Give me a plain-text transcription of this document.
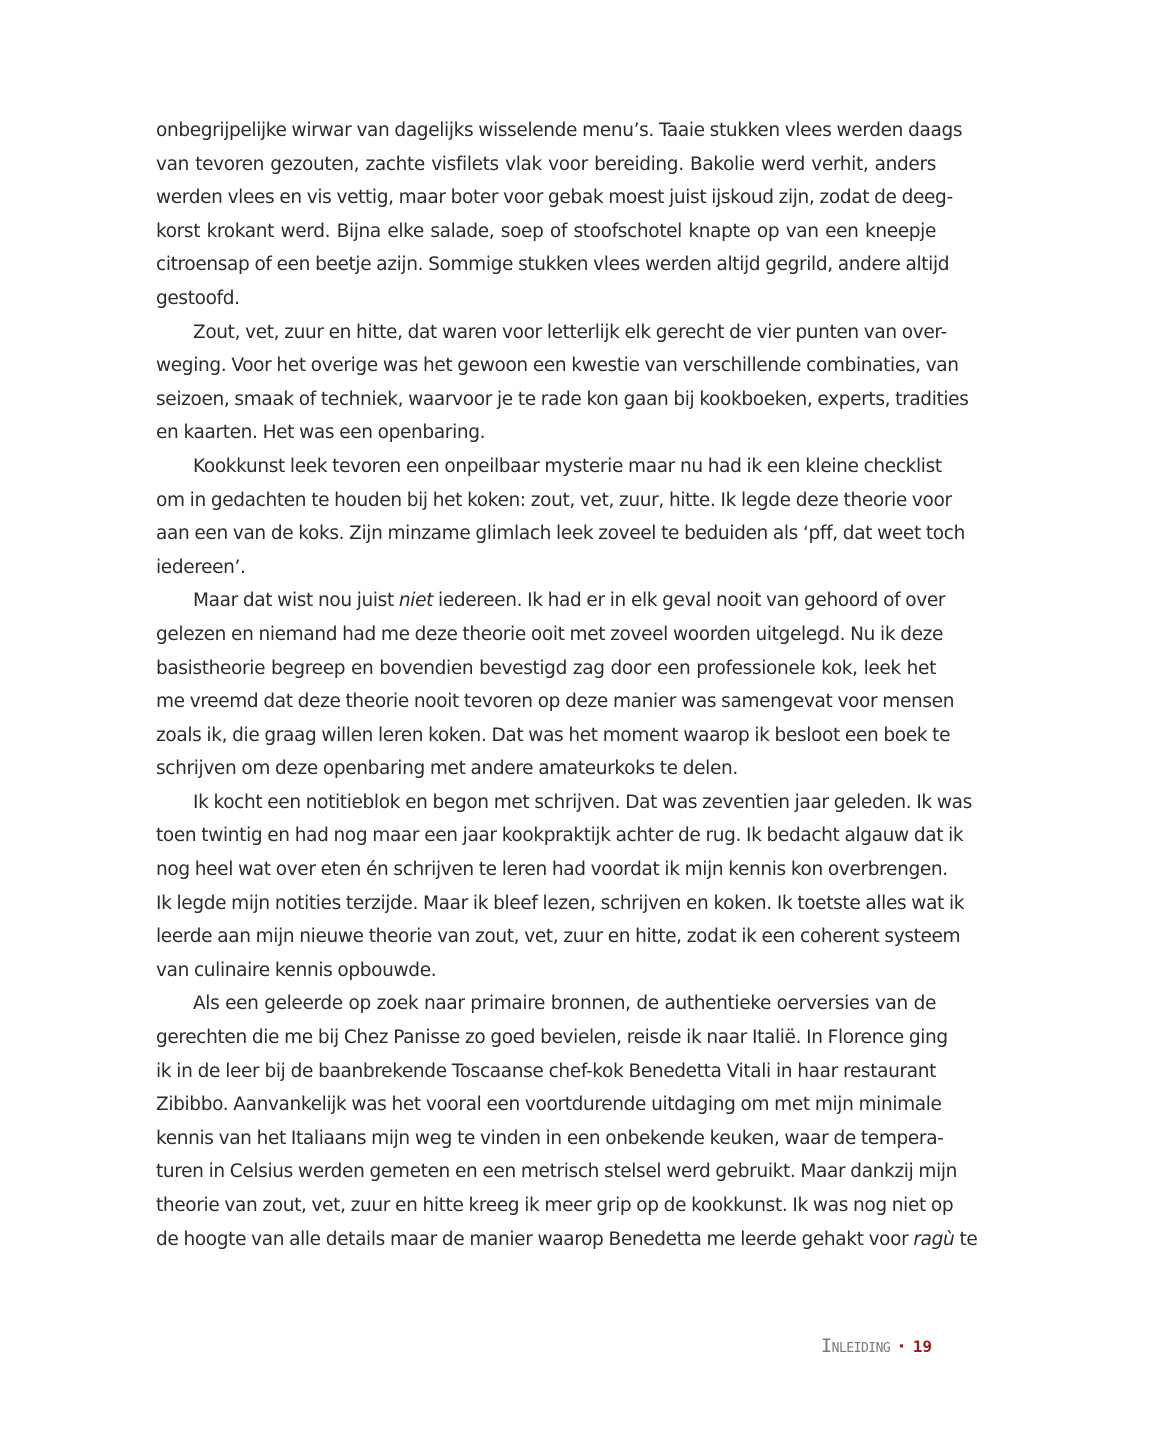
onbegrijpelijke wirwar van dagelijks wisselende menu’s. Taaie stukken vlees werden daags
van tevoren gezouten, zachte visfilets vlak voor bereiding. Bakolie werd verhit, anders
werden vlees en vis vettig, maar boter voor gebak moest juist ijskoud zijn, zodat de deeg-
korst krokant werd. Bijna elke salade, soep of stoofschotel knapte op van een kneepje
citroensap of een beetje azijn. Sommige stukken vlees werden altijd gegrild, andere altijd
gestoofd.
Zout, vet, zuur en hitte, dat waren voor letterlijk elk gerecht de vier punten van over-
weging. Voor het overige was het gewoon een kwestie van verschillende combinaties, van
seizoen, smaak of techniek, waarvoor je te rade kon gaan bij kookboeken, experts, tradities
en kaarten. Het was een openbaring.
Kookkunst leek tevoren een onpeilbaar mysterie maar nu had ik een kleine checklist
om in gedachten te houden bij het koken: zout, vet, zuur, hitte. Ik legde deze theorie voor
aan een van de koks. Zijn minzame glimlach leek zoveel te beduiden als ‘pff, dat weet toch
iedereen’.
Maar dat wist nou juist niet iedereen. Ik had er in elk geval nooit van gehoord of over
gelezen en niemand had me deze theorie ooit met zoveel woorden uitgelegd. Nu ik deze
basistheorie begreep en bovendien bevestigd zag door een professionele kok, leek het
me vreemd dat deze theorie nooit tevoren op deze manier was samengevat voor mensen
zoals ik, die graag willen leren koken. Dat was het moment waarop ik besloot een boek te
schrijven om deze openbaring met andere amateurkoks te delen.
Ik kocht een notitieblok en begon met schrijven. Dat was zeventien jaar geleden. Ik was
toen twintig en had nog maar een jaar kookpraktijk achter de rug. Ik bedacht algauw dat ik
nog heel wat over eten én schrijven te leren had voordat ik mijn kennis kon overbrengen.
Ik legde mijn notities terzijde. Maar ik bleef lezen, schrijven en koken. Ik toetste alles wat ik
leerde aan mijn nieuwe theorie van zout, vet, zuur en hitte, zodat ik een coherent systeem
van culinaire kennis opbouwde.
Als een geleerde op zoek naar primaire bronnen, de authentieke oerversies van de
gerechten die me bij Chez Panisse zo goed bevielen, reisde ik naar Italië. In Florence ging
ik in de leer bij de baanbrekende Toscaanse chef-kok Benedetta Vitali in haar restaurant
Zibibbo. Aanvankelijk was het vooral een voortdurende uitdaging om met mijn minimale
kennis van het Italiaans mijn weg te vinden in een onbekende keuken, waar de tempera-
turen in Celsius werden gemeten en een metrisch stelsel werd gebruikt. Maar dankzij mijn
theorie van zout, vet, zuur en hitte kreeg ik meer grip op de kookkunst. Ik was nog niet op
de hoogte van alle details maar de manier waarop Benedetta me leerde gehakt voor ragù te
Inleiding · 19
